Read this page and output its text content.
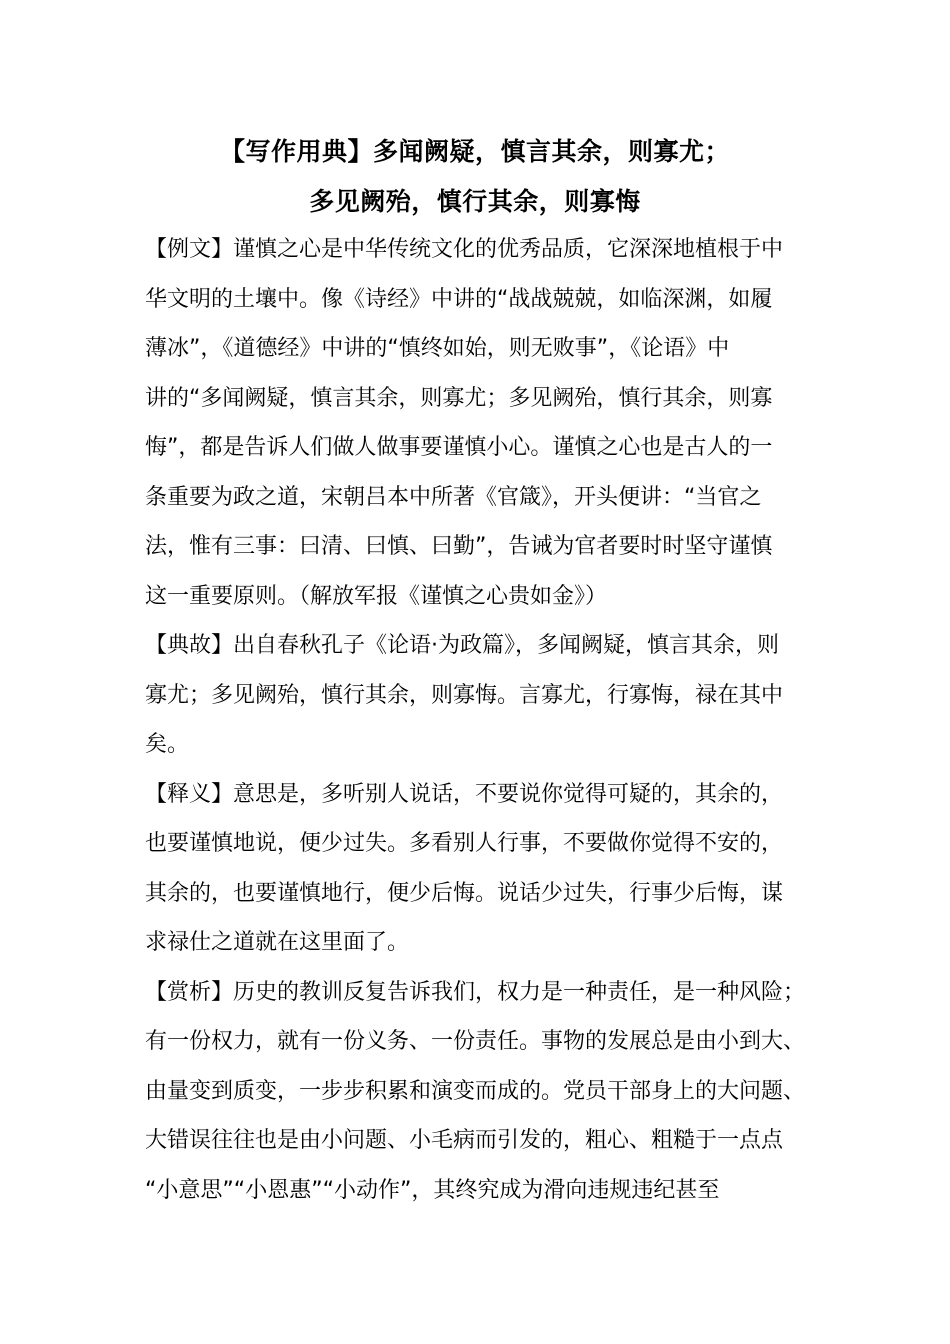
【写作用典】多闻阙疑，慎言其余，则寡尤；
多见阙殆，慎行其余，则寡悔
【例文】谨慎之心是中华传统文化的优秀品质，它深深地植根于中
华文明的土壤中。像《诗经》中讲的“战战兢兢，如临深渊，如履
薄冰”，《道德经》中讲的“慎终如始，则无败事”，《论语》中
讲的“多闻阙疑，慎言其余，则寡尤；多见阙殆，慎行其余，则寡
悔”，都是告诉人们做人做事要谨慎小心。谨慎之心也是古人的一
条重要为政之道，宋朝吕本中所著《官箴》，开头便讲：“当官之
法，惟有三事：曰清、曰慎、曰勤”，告诫为官者要时时坚守谨慎
这一重要原则。（解放军报《谨慎之心贵如金》）
【典故】出自春秋孔子《论语·为政篇》，多闻阙疑，慎言其余，则
寡尤；多见阙殆，慎行其余，则寡悔。言寡尤，行寡悔，禄在其中
矣。
【释义】意思是，多听别人说话，不要说你觉得可疑的，其余的，
也要谨慎地说，便少过失。多看别人行事，不要做你觉得不安的，
其余的，也要谨慎地行，便少后悔。说话少过失，行事少后悔，谋
求禄仕之道就在这里面了。
【赏析】历史的教训反复告诉我们，权力是一种责任，是一种风险；
有一份权力，就有一份义务、一份责任。事物的发展总是由小到大、
由量变到质变，一步步积累和演变而成的。党员干部身上的大问题、
大错误往往也是由小问题、小毛病而引发的，粗心、粗糙于一点点
“小意思”“小恩惠”“小动作”，其终究成为滑向违规违纪甚至
